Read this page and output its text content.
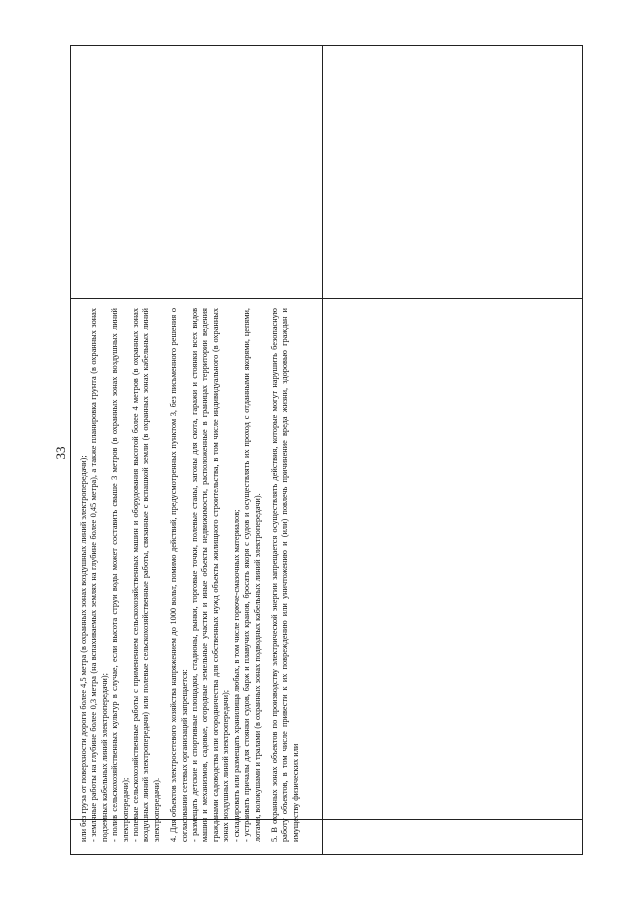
33

или без груза от поверхности дороги более 4,5 метра (в охранных зонах воздушных линий электропередачи); - земляные работы на глубине более 0,3 метра (на вспахиваемых землях на глубине более 0,45 метра), а также планировка грунта (в охранных зонах подземных кабельных линий электропередачи); - полив сельскохозяйственных культур в случае, если высота струи воды может составить свыше 3 метров (в охранных зонах воздушных линий электропередачи); - полевые сельскохозяйственные работы с применением сельскохозяйственных машин и оборудования высотой более 4 метров (в охранных зонах воздушных линий электропередачи) или полевые сельскохозяйственные работы, связанные с вспашкой земли (в охранных зонах кабельных линий электропередачи). 4. Для объектов электросетевого хозяйства напряжением до 1000 вольт, помимо действий, предусмотренных пунктом 3, без письменного решения о согласовании сетевых организаций запрещается: - размещать детские и спортивные площадки, стадионы, рынки, торговые точки, полевые станы, загоны для скота, гаражи и стоянки всех видов машин и механизмов, садовые, огородные земельные участки и иные объекты недвижимости, расположенные в границах территории ведения гражданами садоводства или огородничества для собственных нужд объекты жилищного строительства, в том числе индивидуального (в охранных зонах воздушных линий электропередачи); - складировать или размещать хранилища любых, в том числе горюче-смазочных материалов; - устраивать причалы для стоянки судов, барж и плавучих кранов, бросать якоря с судов и осуществлять их проход с отданными якорями, цепями, лотами, волокушами и тралами (в охранных зонах подводных кабельных линий электропередачи). 5. В охранных зонах объектов по производству электрической энергии запрещается осуществлять действия, которые могут нарушить безопасную работу объектов, в том числе привести к их повреждению или уничтожению и (или) повлечь причинение вреда жизни, здоровью граждан и имуществу физических или
